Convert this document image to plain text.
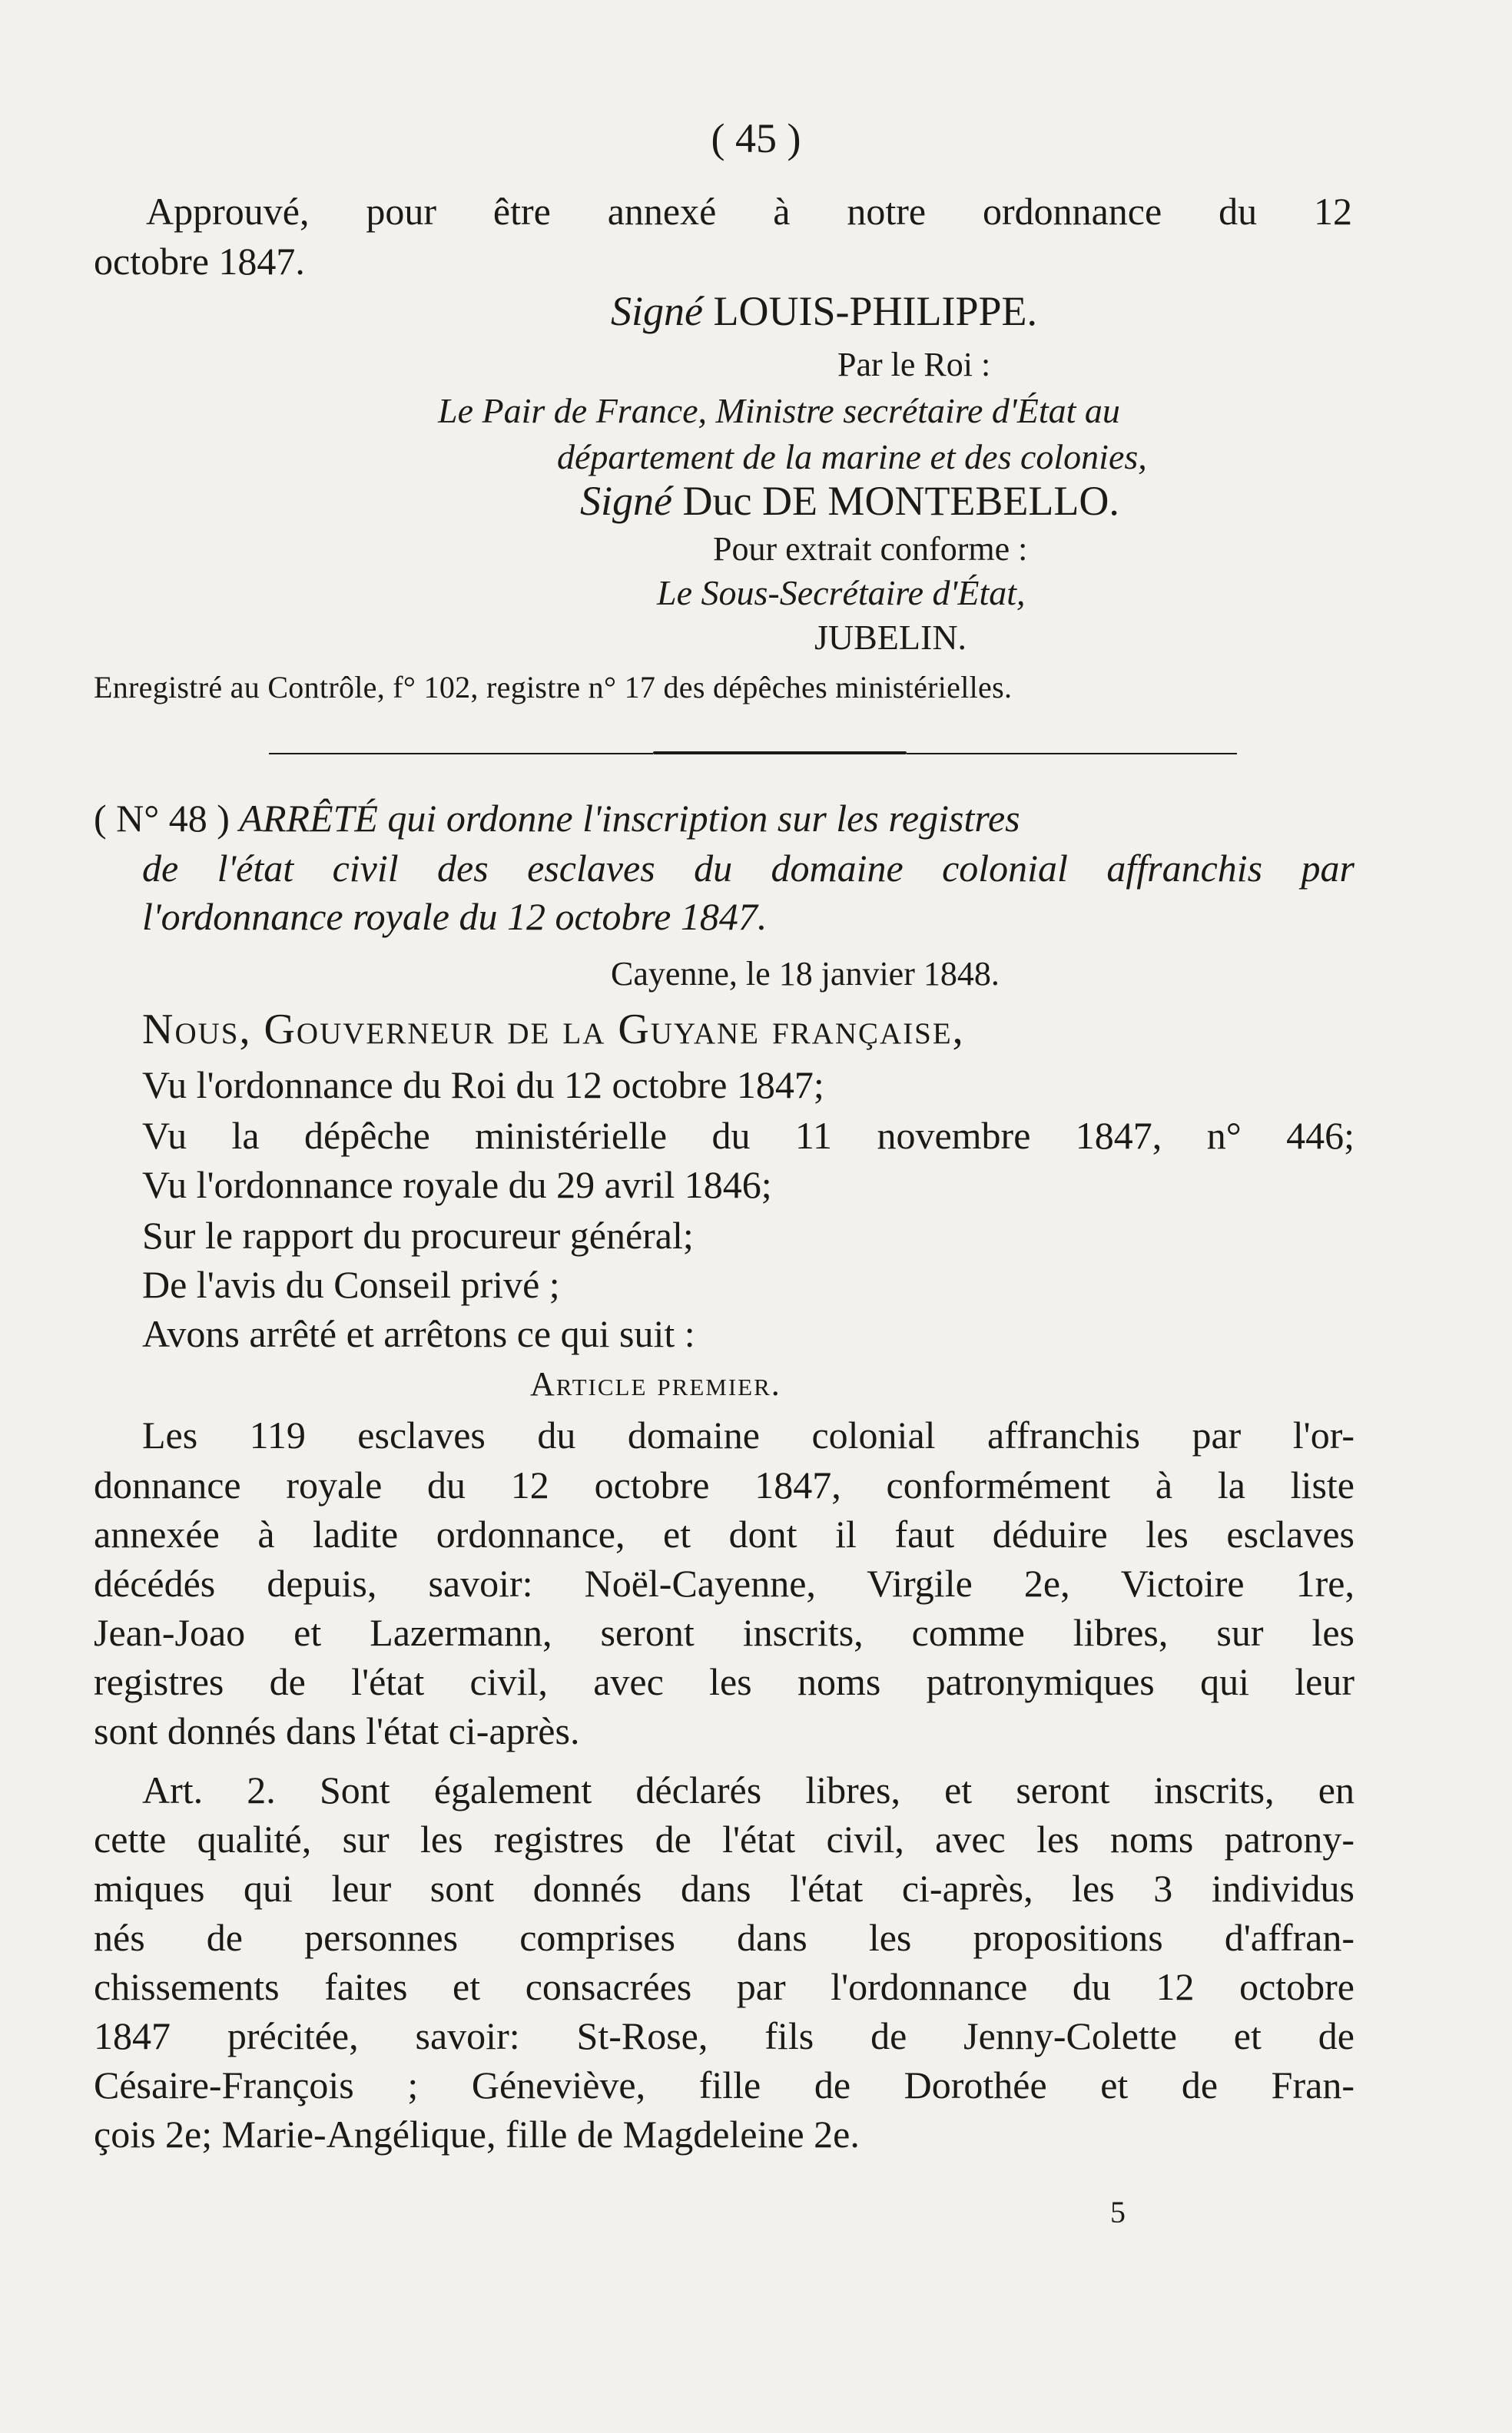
( 45 )
Approuvé, pour être annexé à notre ordonnance du 12
octobre 1847.
Signé LOUIS-PHILIPPE.
Par le Roi :
Le Pair de France, Ministre secrétaire d'État au
département de la marine et des colonies,
Signé Duc DE MONTEBELLO.
Pour extrait conforme :
Le Sous-Secrétaire d'État,
JUBELIN.
Enregistré au Contrôle, f° 102, registre n° 17 des dépêches ministérielles.
( N° 48 ) ARRÊTÉ qui ordonne l'inscription sur les registres
de l'état civil des esclaves du domaine colonial affranchis par
l'ordonnance royale du 12 octobre 1847.
Cayenne, le 18 janvier 1848.
Nous, Gouverneur de la Guyane française,
Vu l'ordonnance du Roi du 12 octobre 1847;
Vu la dépêche ministérielle du 11 novembre 1847, n° 446;
Vu l'ordonnance royale du 29 avril 1846;
Sur le rapport du procureur général;
De l'avis du Conseil privé ;
Avons arrêté et arrêtons ce qui suit :
Article premier.
Les 119 esclaves du domaine colonial affranchis par l'or-
donnance royale du 12 octobre 1847, conformément à la liste
annexée à ladite ordonnance, et dont il faut déduire les esclaves
décédés depuis, savoir: Noël-Cayenne, Virgile 2e, Victoire 1re,
Jean-Joao et Lazermann, seront inscrits, comme libres, sur les
registres de l'état civil, avec les noms patronymiques qui leur
sont donnés dans l'état ci-après.
Art. 2. Sont également déclarés libres, et seront inscrits, en
cette qualité, sur les registres de l'état civil, avec les noms patrony-
miques qui leur sont donnés dans l'état ci-après, les 3 individus
nés de personnes comprises dans les propositions d'affran-
chissements faites et consacrées par l'ordonnance du 12 octobre
1847 précitée, savoir: St-Rose, fils de Jenny-Colette et de
Césaire-François ; Géneviève, fille de Dorothée et de Fran-
çois 2e; Marie-Angélique, fille de Magdeleine 2e.
5
